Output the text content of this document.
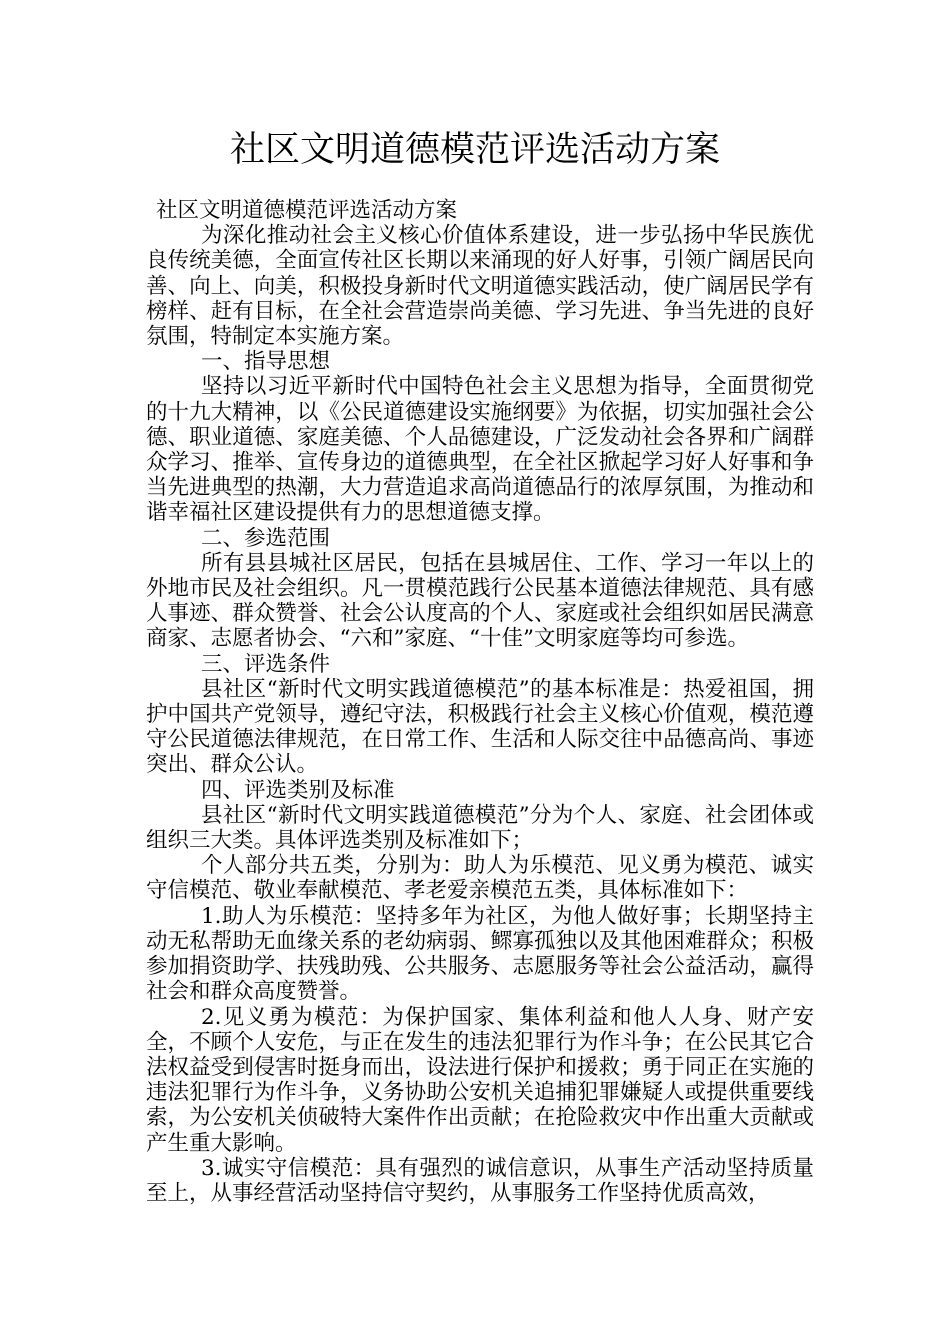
社区文明道德模范评选活动方案

社区文明道德模范评选活动方案

为深化推动社会主义核心价值体系建设，进一步弘扬中华民族优良传统美德，全面宣传社区长期以来涌现的好人好事，引领广阔居民向善、向上、向美，积极投身新时代文明道德实践活动，使广阔居民学有榜样、赶有目标，在全社会营造崇尚美德、学习先进、争当先进的良好氛围，特制定本实施方案。

一、指导思想

坚持以习近平新时代中国特色社会主义思想为指导，全面贯彻党的十九大精神，以《公民道德建设实施纲要》为依据，切实加强社会公德、职业道德、家庭美德、个人品德建设，广泛发动社会各界和广阔群众学习、推举、宣传身边的道德典型，在全社区掀起学习好人好事和争当先进典型的热潮，大力营造追求高尚道德品行的浓厚氛围，为推动和谐幸福社区建设提供有力的思想道德支撑。

二、参选范围

所有县县城社区居民，包括在县城居住、工作、学习一年以上的外地市民及社会组织。凡一贯模范践行公民基本道德法律规范、具有感人事迹、群众赞誉、社会公认度高的个人、家庭或社会组织如居民满意商家、志愿者协会、“六和”家庭、“十佳”文明家庭等均可参选。

三、评选条件

县社区“新时代文明实践道德模范”的基本标准是：热爱祖国，拥护中国共产党领导，遵纪守法，积极践行社会主义核心价值观，模范遵守公民道德法律规范，在日常工作、生活和人际交往中品德高尚、事迹突出、群众公认。

四、评选类别及标准

县社区“新时代文明实践道德模范”分为个人、家庭、社会团体或组织三大类。具体评选类别及标准如下；

个人部分共五类，分别为：助人为乐模范、见义勇为模范、诚实守信模范、敬业奉献模范、孝老爱亲模范五类，具体标准如下：

1.助人为乐模范：坚持多年为社区，为他人做好事；长期坚持主动无私帮助无血缘关系的老幼病弱、鳏寡孤独以及其他困难群众；积极参加捐资助学、扶残助残、公共服务、志愿服务等社会公益活动，赢得社会和群众高度赞誉。

2.见义勇为模范：为保护国家、集体利益和他人人身、财产安全，不顾个人安危，与正在发生的违法犯罪行为作斗争；在公民其它合法权益受到侵害时挺身而出，设法进行保护和援救；勇于同正在实施的违法犯罪行为作斗争，义务协助公安机关追捕犯罪嫌疑人或提供重要线索，为公安机关侦破特大案件作出贡献；在抢险救灾中作出重大贡献或产生重大影响。

3.诚实守信模范：具有强烈的诚信意识，从事生产活动坚持质量至上，从事经营活动坚持信守契约，从事服务工作坚持优质高效，
